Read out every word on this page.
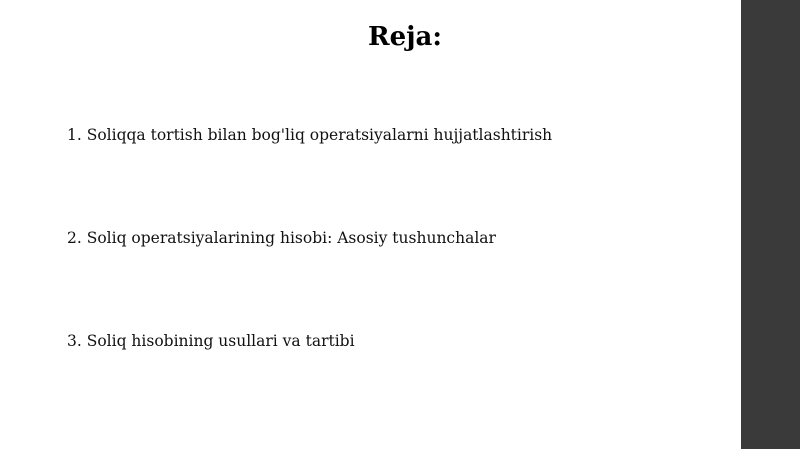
Reja:
1. Soliqqa tortish bilan bog'liq operatsiyalarni hujjatlashtirish
2. Soliq operatsiyalarining hisobi: Asosiy tushunchalar
3. Soliq hisobining usullari va tartibi
